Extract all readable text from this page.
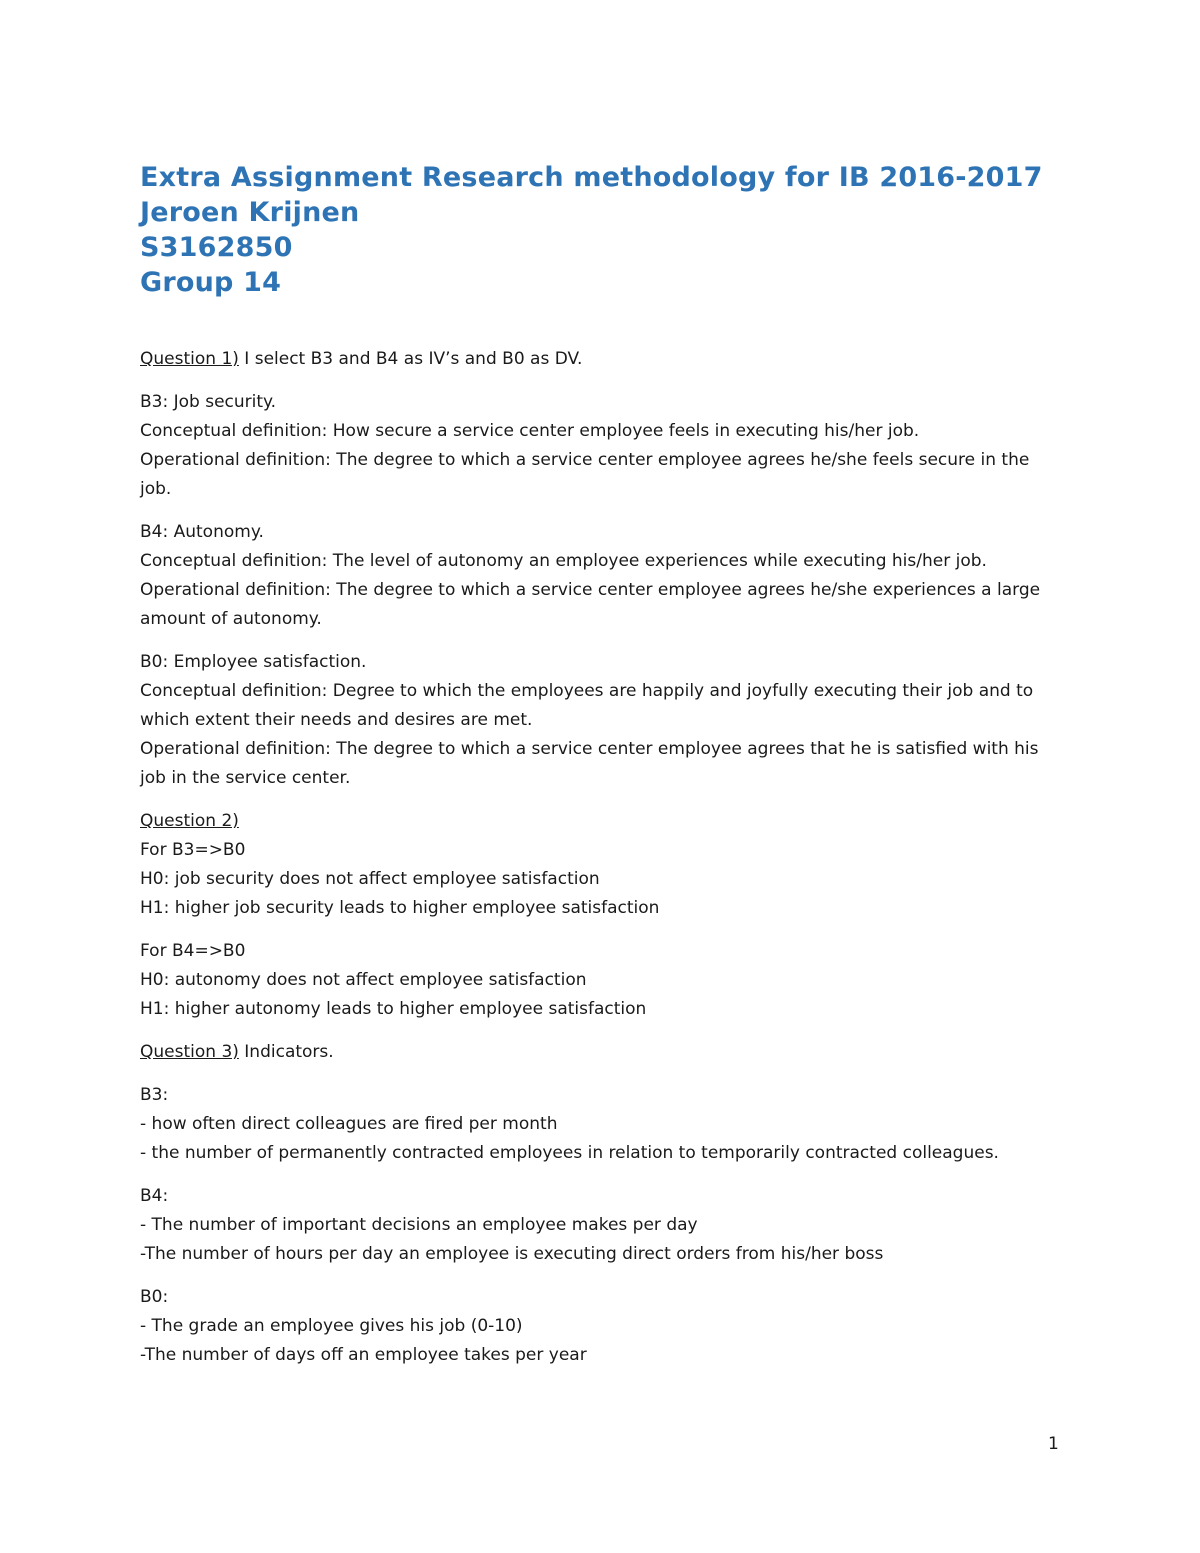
Extra Assignment Research methodology for IB 2016-2017
Jeroen Krijnen
S3162850
Group 14

Question 1) I select B3 and B4 as IV’s and B0 as DV.

B3: Job security.

Conceptual definition: How secure a service center employee feels in executing his/her job.

Operational definition: The degree to which a service center employee agrees he/she feels secure in the job.

B4: Autonomy.

Conceptual definition: The level of autonomy an employee experiences while executing his/her job.

Operational definition: The degree to which a service center employee agrees he/she experiences a large amount of autonomy.

B0: Employee satisfaction.

Conceptual definition: Degree to which the employees are happily and joyfully executing their job and to which extent their needs and desires are met.

Operational definition: The degree to which a service center employee agrees that he is satisfied with his job in the service center.

Question 2)

For B3=>B0

H0: job security does not affect employee satisfaction

H1: higher job security leads to higher employee satisfaction

For B4=>B0

H0: autonomy does not affect employee satisfaction

H1: higher autonomy leads to higher employee satisfaction

Question 3) Indicators.

B3:

- how often direct colleagues are fired per month

- the number of permanently contracted employees in relation to temporarily contracted colleagues.

B4:

- The number of important decisions an employee makes per day

-The number of hours per day an employee is executing direct orders from his/her boss

B0:

- The grade an employee gives his job (0-10)

-The number of days off an employee takes per year

1
